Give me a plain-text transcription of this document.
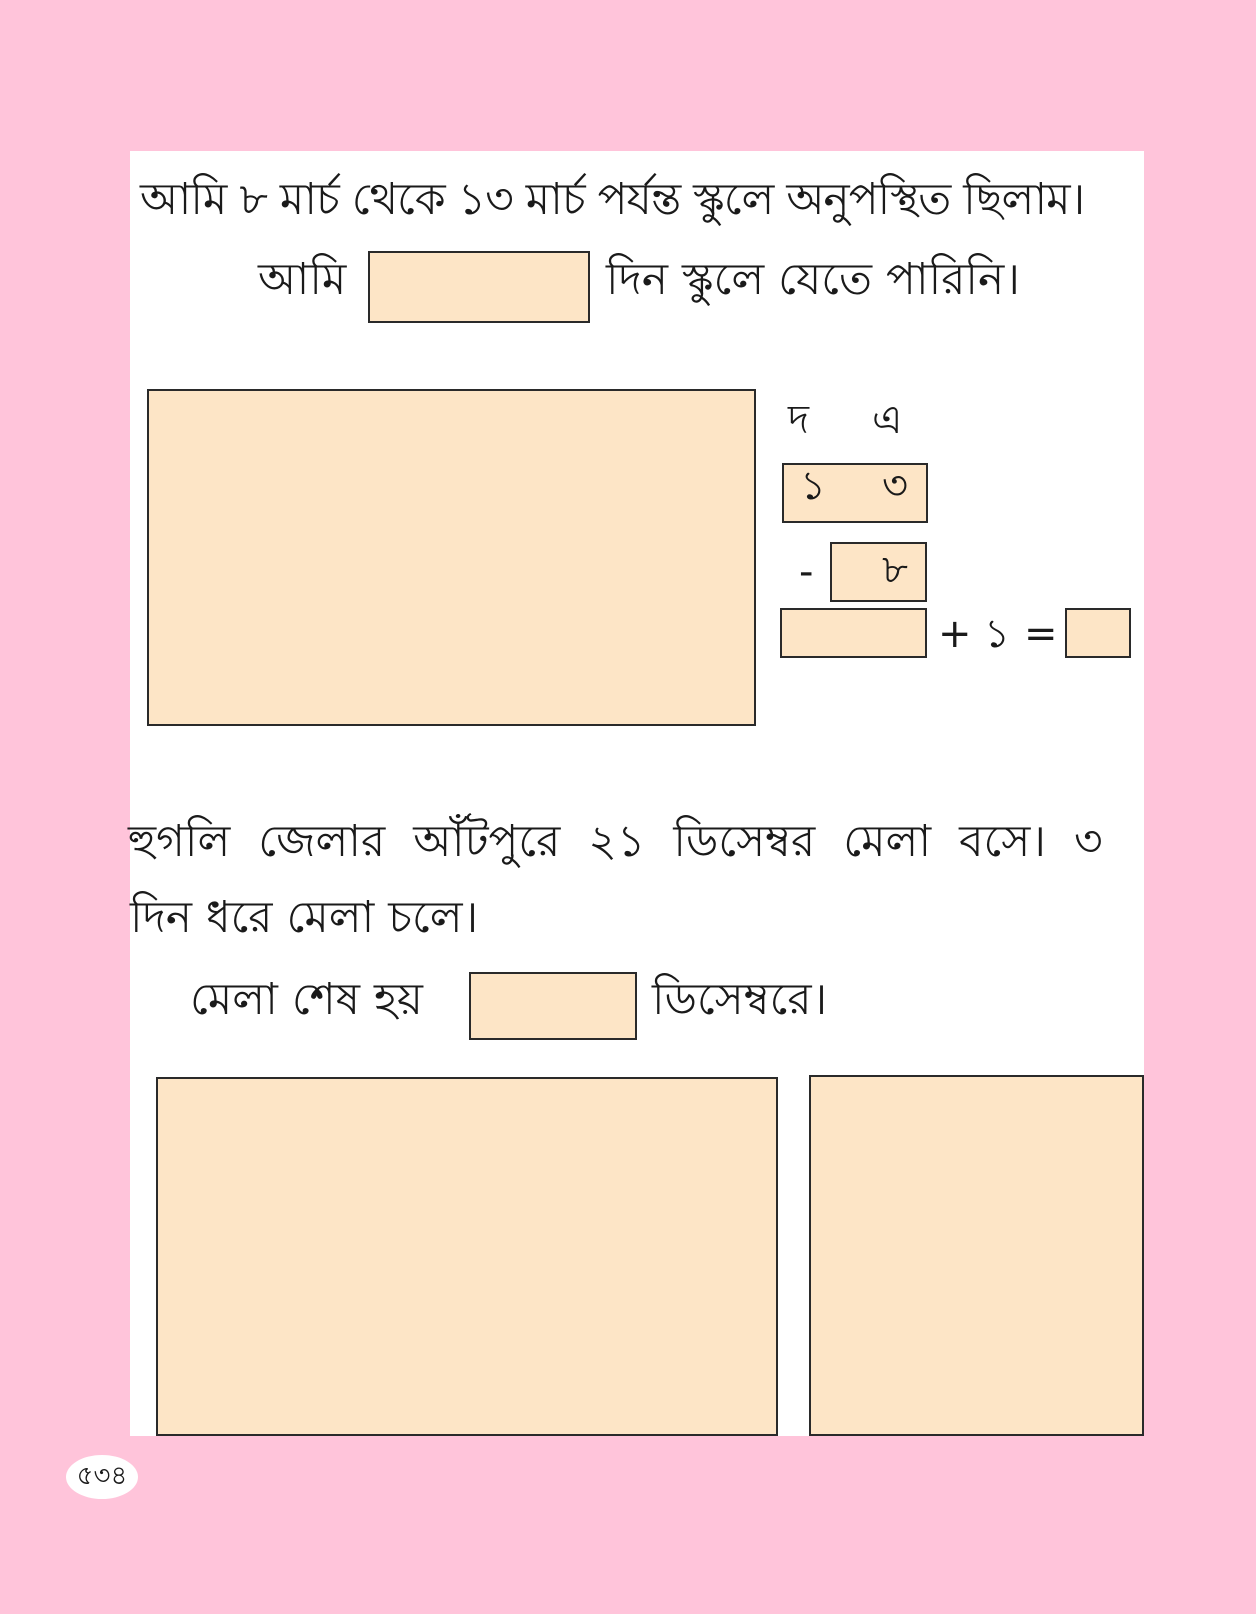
আমি ৮ মার্চ থেকে ১৩ মার্চ পর্যন্ত স্কুলে অনুপস্থিত ছিলাম।
আমি	দিন স্কুলে যেতে পারিনি।
দ এ
১ ৩
- ৮
+ ১ =
হুগলি জেলার আঁটপুরে ২১ ডিসেম্বর মেলা বসে। ৩
দিন ধরে মেলা চলে।
মেলা শেষ হয়	ডিসেম্বরে।
৫৩৪
